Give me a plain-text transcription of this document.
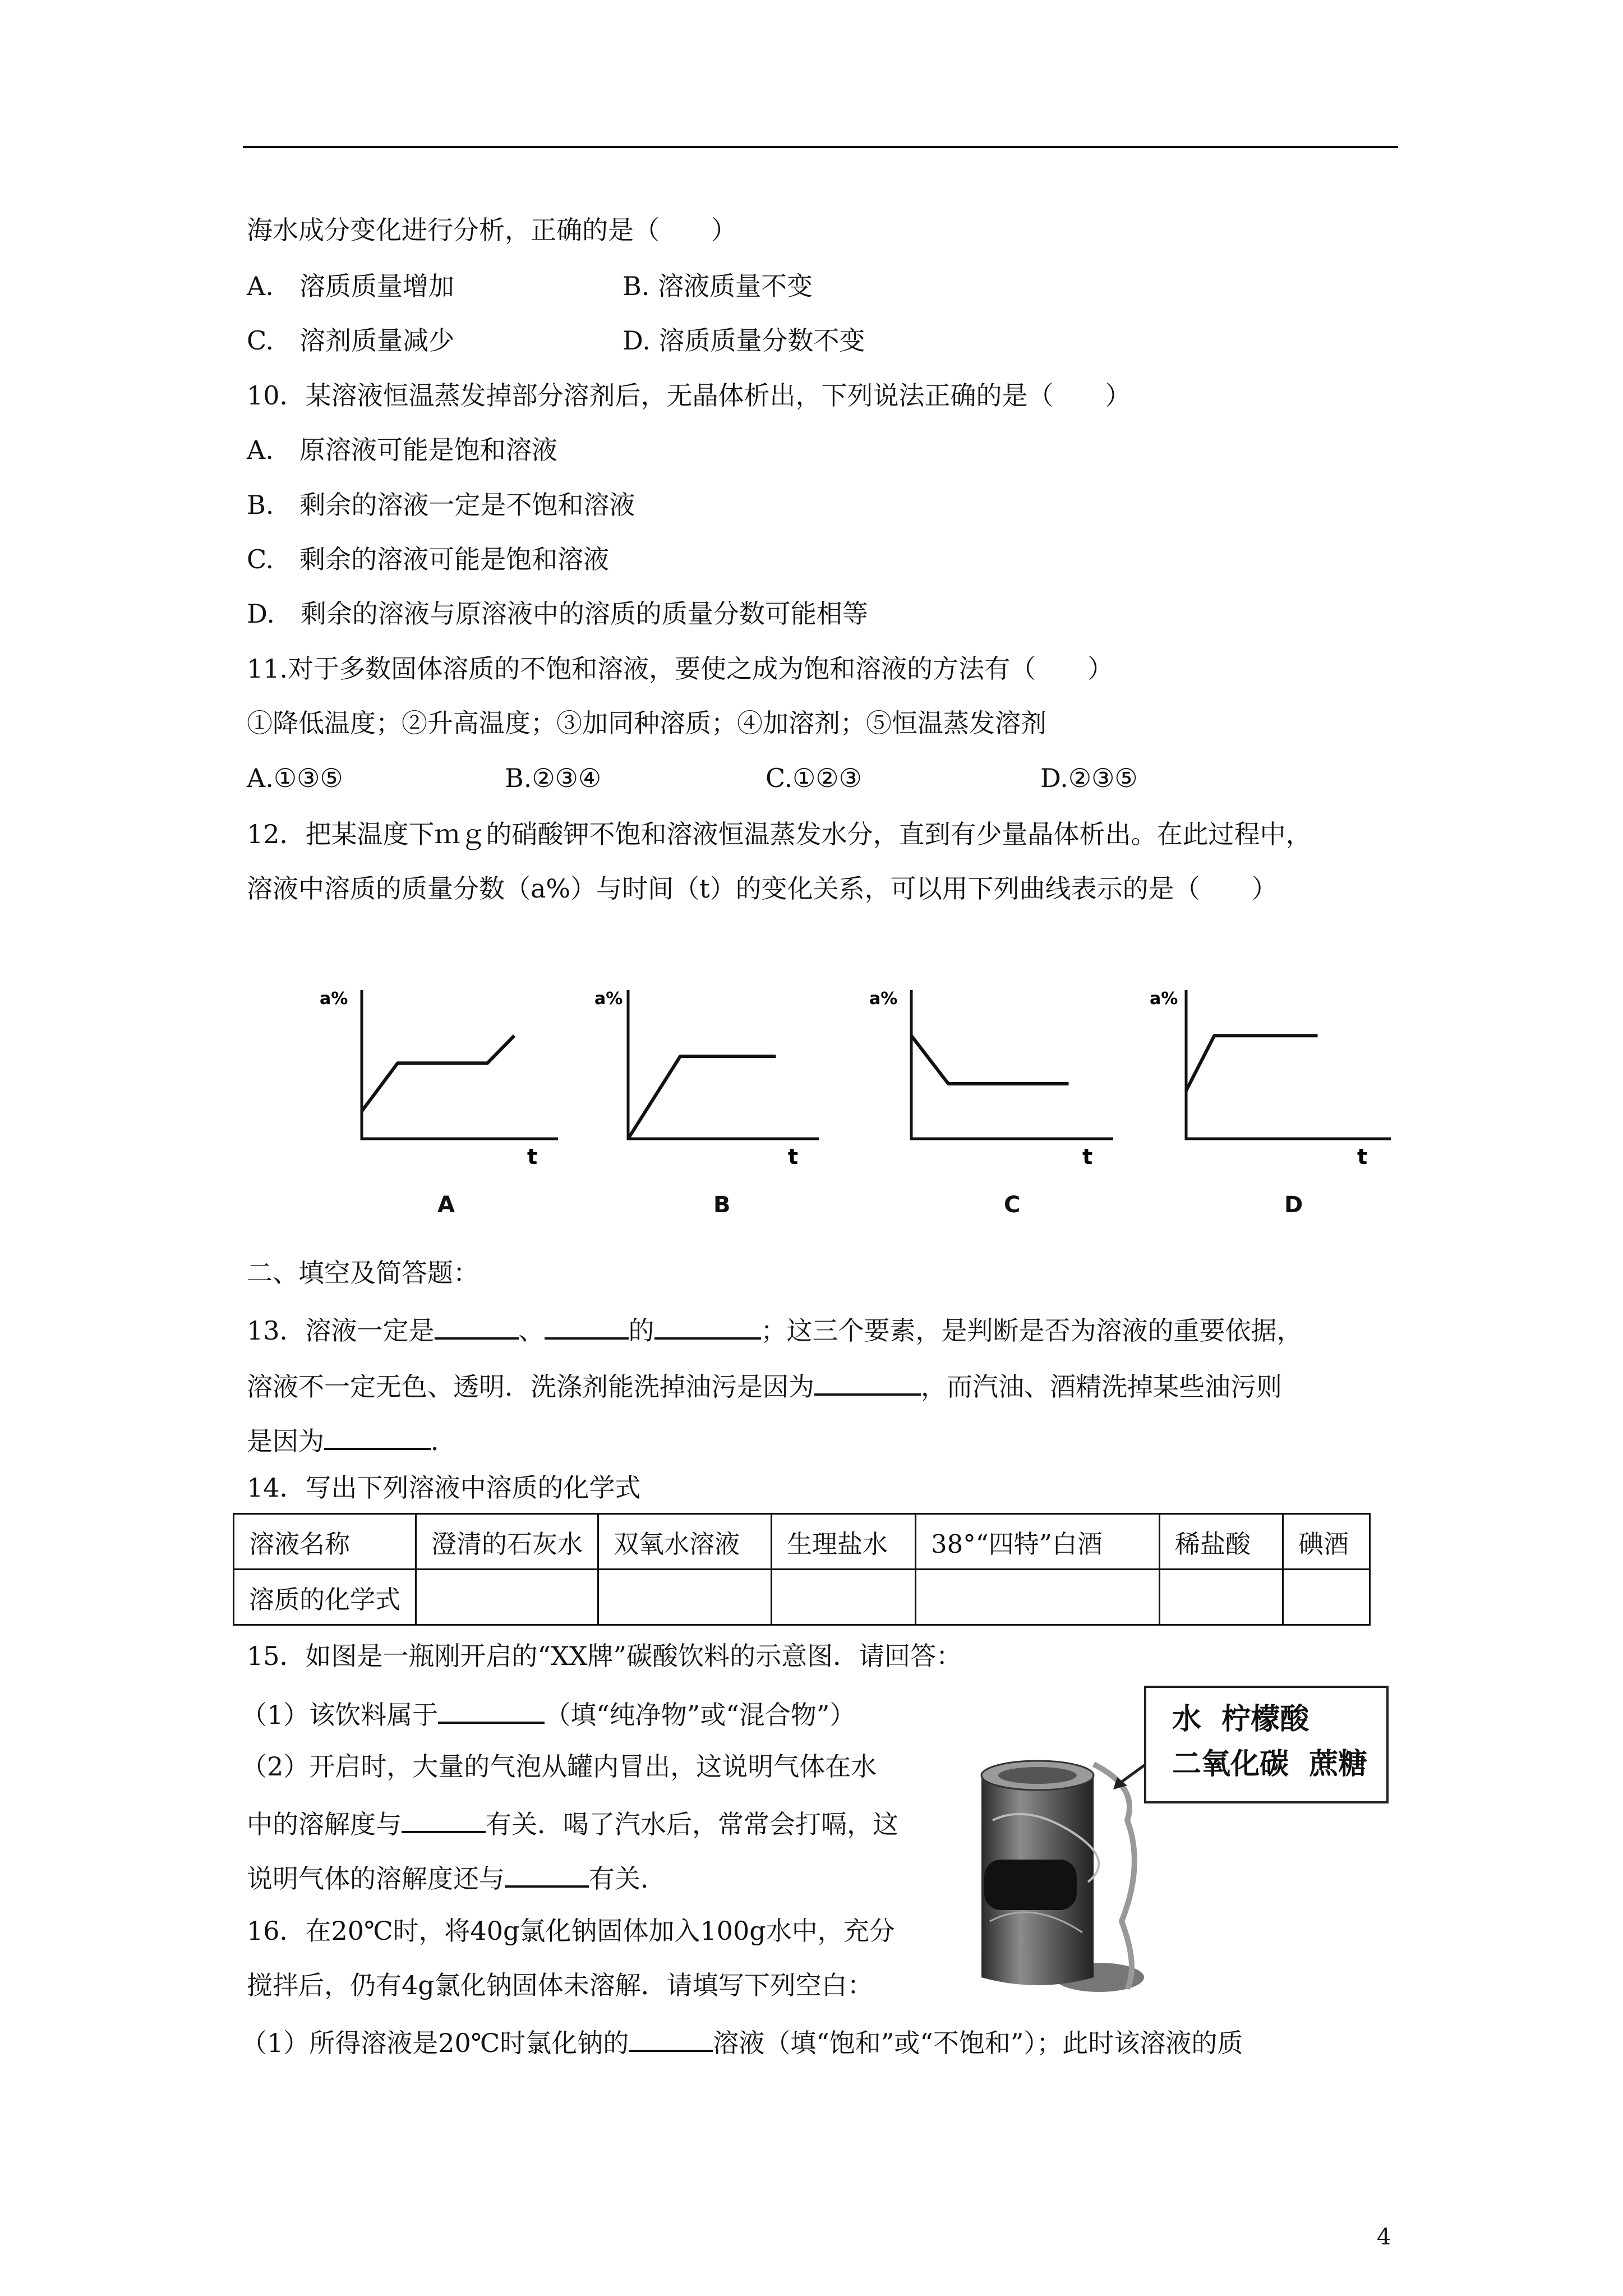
海水成分变化进行分析，正确的是（　　）
A.　溶质质量增加	B. 溶液质量不变
C.　溶剂质量减少	D. 溶质质量分数不变
10．某溶液恒温蒸发掉部分溶剂后，无晶体析出，下列说法正确的是（　　）
A.　原溶液可能是饱和溶液
B.　剩余的溶液一定是不饱和溶液
C.　剩余的溶液可能是饱和溶液
D.　剩余的溶液与原溶液中的溶质的质量分数可能相等
11.对于多数固体溶质的不饱和溶液，要使之成为饱和溶液的方法有（　　）
①降低温度；②升高温度；③加同种溶质；④加溶剂；⑤恒温蒸发溶剂
A.①③⑤	B.②③④	C.①②③	D.②③⑤
12．把某温度下ｍｇ的硝酸钾不饱和溶液恒温蒸发水分，直到有少量晶体析出。在此过程中，
溶液中溶质的质量分数（a%）与时间（t）的变化关系，可以用下列曲线表示的是（　　）
a%
t
A
a%
t
B
a%
t
C
a%
t
D
二、填空及简答题：
13．溶液一定是	、	的	；这三个要素，是判断是否为溶液的重要依据，
溶液不一定无色、透明．洗涤剂能洗掉油污是因为	，而汽油、酒精洗掉某些油污则
是因为	．
14．写出下列溶液中溶质的化学式
溶液名称	澄清的石灰水	双氧水溶液	生理盐水	38°“四特”白酒	稀盐酸	碘酒
溶质的化学式						
15．如图是一瓶刚开启的“XX牌”碳酸饮料的示意图．请回答：
（1）该饮料属于	（填“纯净物”或“混合物”）
（2）开启时，大量的气泡从罐内冒出，这说明气体在水
中的溶解度与	有关．喝了汽水后，常常会打嗝，这
说明气体的溶解度还与	有关．
水  柠檬酸
二氧化碳  蔗糖
16．在20℃时，将40g氯化钠固体加入100g水中，充分
搅拌后，仍有4g氯化钠固体未溶解．请填写下列空白：
（1）所得溶液是20℃时氯化钠的	溶液（填“饱和”或“不饱和”）；此时该溶液的质
4
